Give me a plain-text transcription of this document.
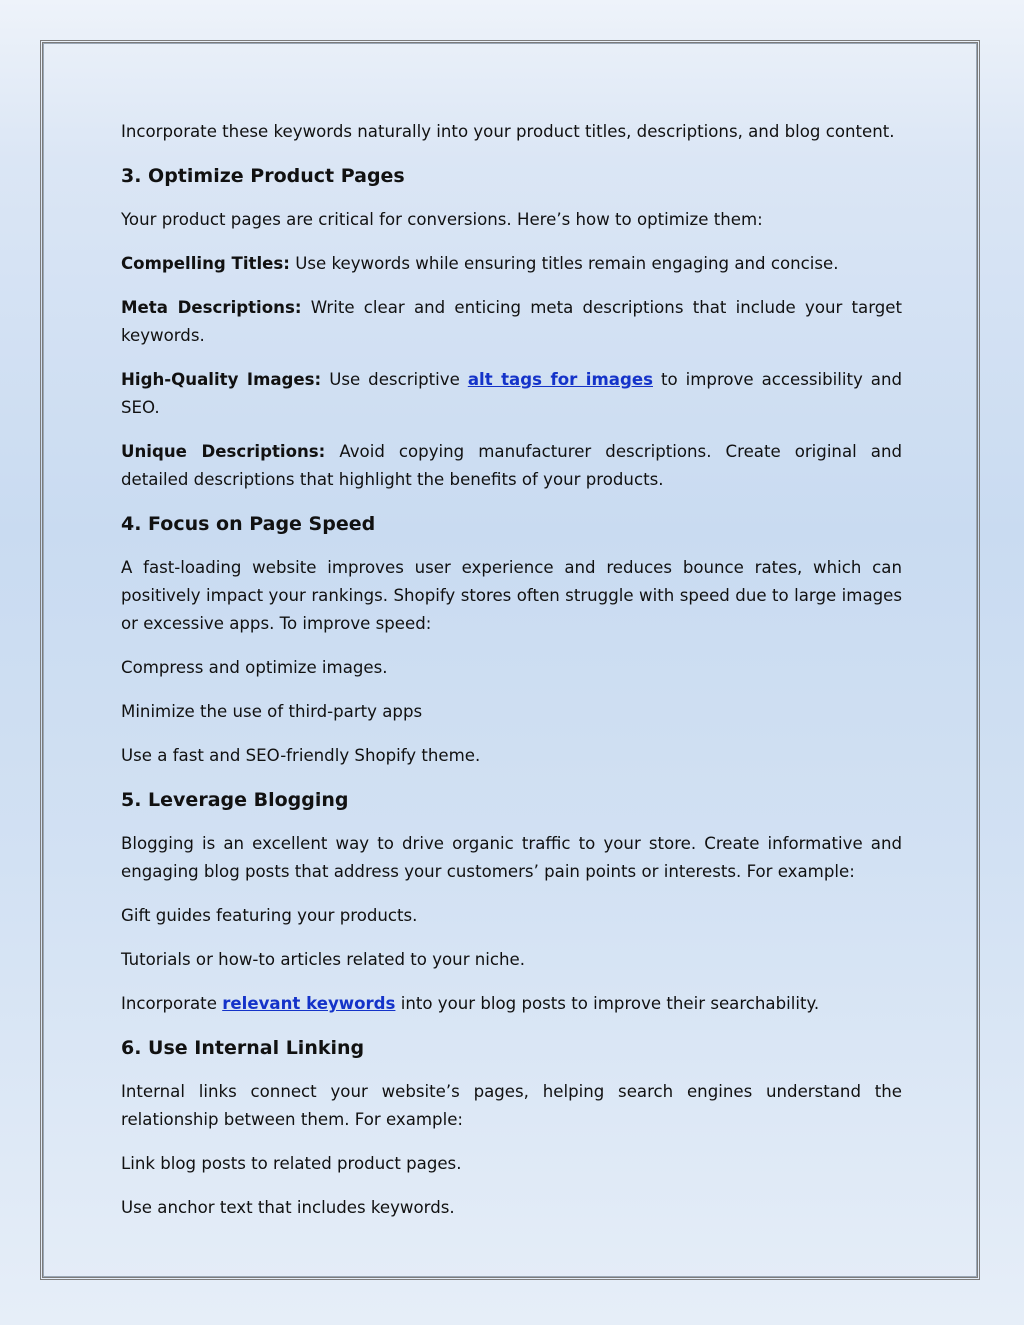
Incorporate these keywords naturally into your product titles, descriptions, and blog content.

3. Optimize Product Pages

Your product pages are critical for conversions. Here’s how to optimize them:

Compelling Titles: Use keywords while ensuring titles remain engaging and concise.

Meta Descriptions: Write clear and enticing meta descriptions that include your target keywords.

High-Quality Images: Use descriptive alt tags for images to improve accessibility and SEO.

Unique Descriptions: Avoid copying manufacturer descriptions. Create original and detailed descriptions that highlight the benefits of your products.

4. Focus on Page Speed

A fast-loading website improves user experience and reduces bounce rates, which can positively impact your rankings. Shopify stores often struggle with speed due to large images or excessive apps. To improve speed:

Compress and optimize images.

Minimize the use of third-party apps

Use a fast and SEO-friendly Shopify theme.

5. Leverage Blogging

Blogging is an excellent way to drive organic traffic to your store. Create informative and engaging blog posts that address your customers’ pain points or interests. For example:

Gift guides featuring your products.

Tutorials or how-to articles related to your niche.

Incorporate relevant keywords into your blog posts to improve their searchability.

6. Use Internal Linking

Internal links connect your website’s pages, helping search engines understand the relationship between them. For example:

Link blog posts to related product pages.

Use anchor text that includes keywords.
